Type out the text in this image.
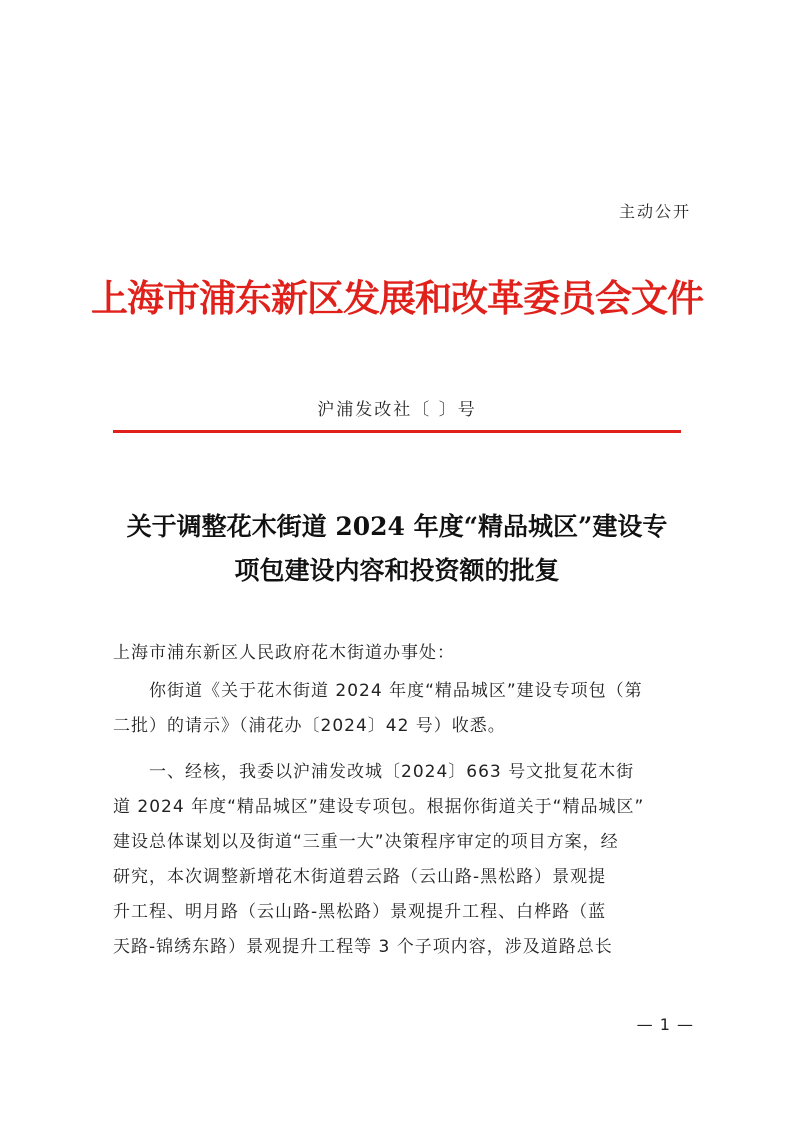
主动公开
上海市浦东新区发展和改革委员会文件
沪浦发改社〔 〕号
关于调整花木街道 2024 年度“精品城区”建设专
项包建设内容和投资额的批复
上海市浦东新区人民政府花木街道办事处：
你街道《关于花木街道 2024 年度“精品城区”建设专项包（第
二批）的请示》（浦花办〔2024〕42 号）收悉。
一、经核，我委以沪浦发改城〔2024〕663 号文批复花木街
道 2024 年度“精品城区”建设专项包。根据你街道关于“精品城区”
建设总体谋划以及街道“三重一大”决策程序审定的项目方案，经
研究，本次调整新增花木街道碧云路（云山路-黑松路）景观提
升工程、明月路（云山路-黑松路）景观提升工程、白桦路（蓝
天路-锦绣东路）景观提升工程等 3 个子项内容，涉及道路总长
— 1 —
